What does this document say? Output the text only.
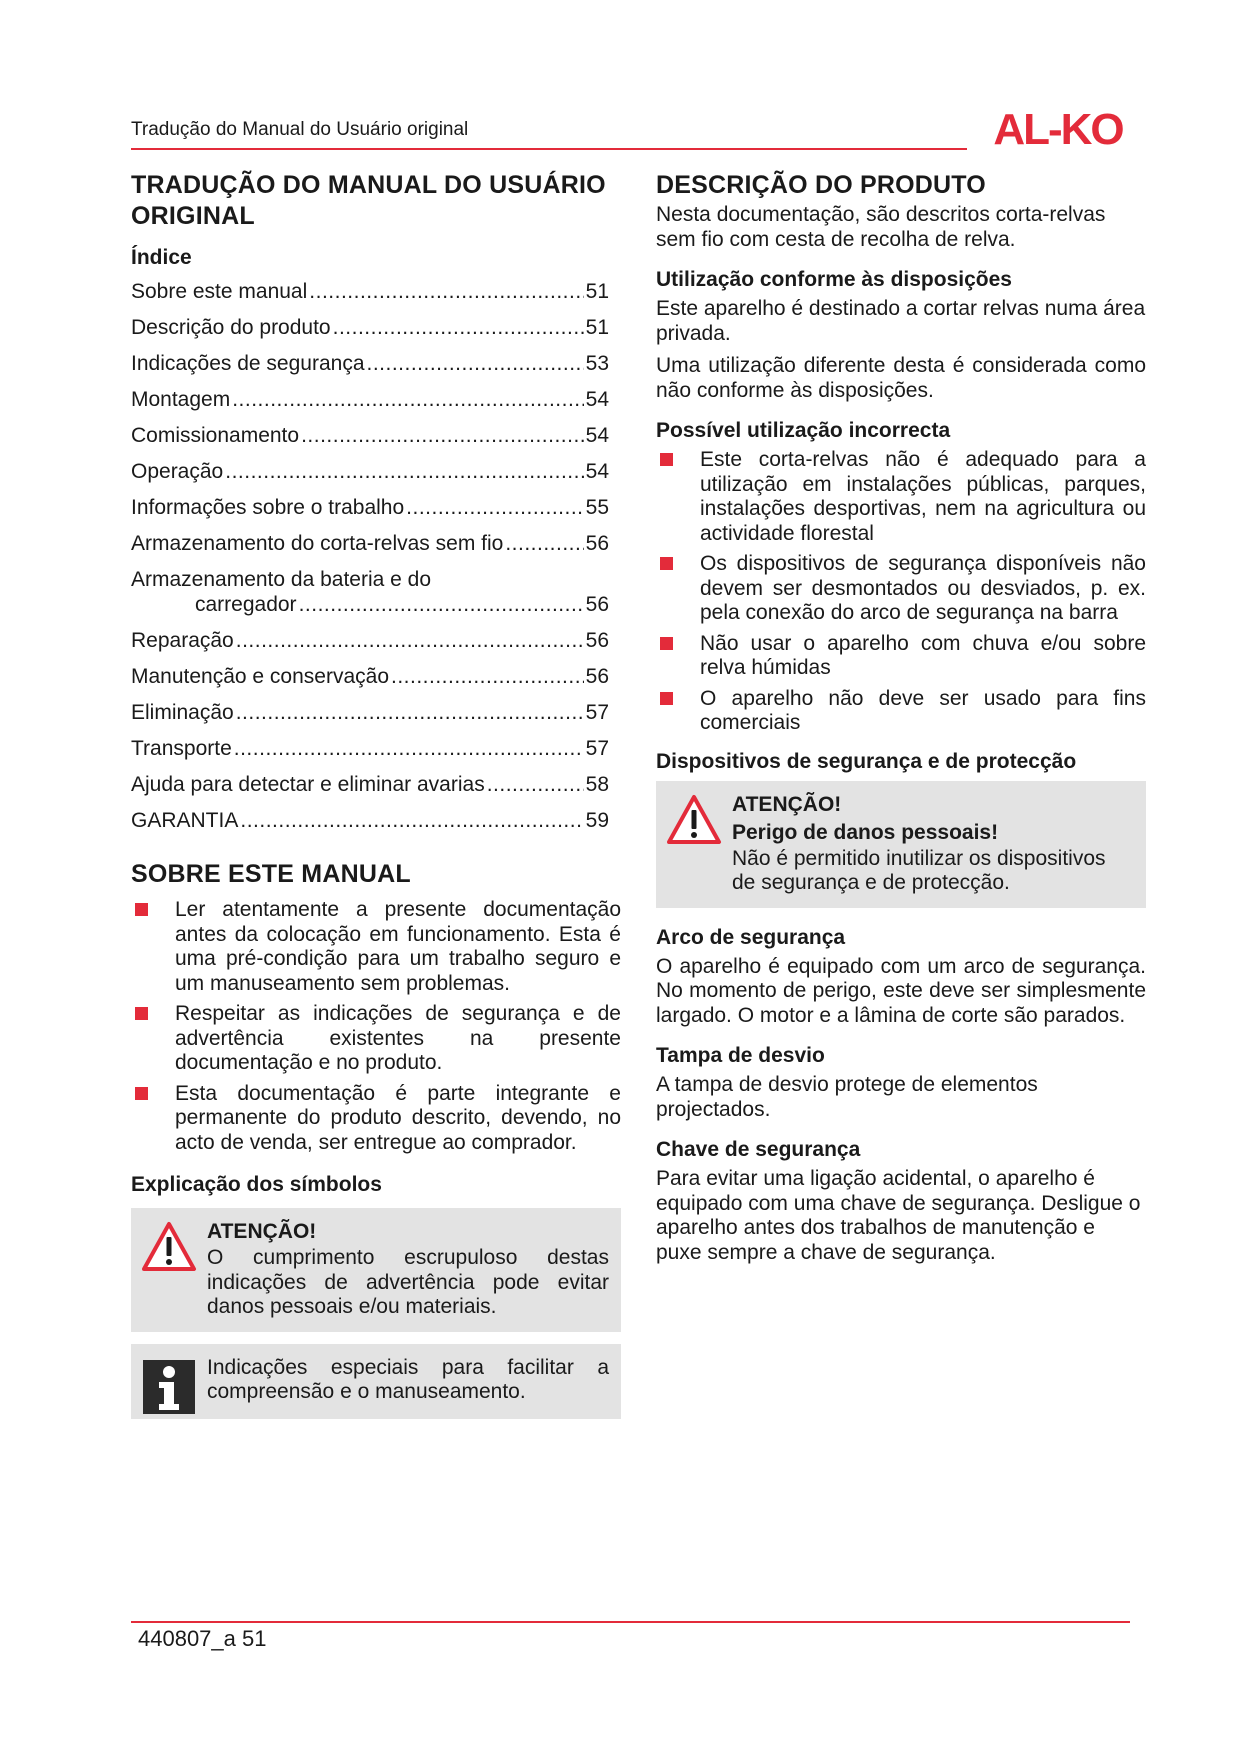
Tradução do Manual do Usuário original	AL-KO
TRADUÇÃO DO MANUAL DO USUÁRIO ORIGINAL
Índice
Sobre este manual .....	51
Descrição do produto .....	51
Indicações de segurança .....	53
Montagem .....	54
Comissionamento .....	54
Operação .....	54
Informações sobre o trabalho .....	55
Armazenamento do corta-relvas sem fio .....	56
Armazenamento da bateria e do
carregador .....	56
Reparação .....	56
Manutenção e conservação .....	56
Eliminação .....	57
Transporte .....	57
Ajuda para detectar e eliminar avarias .....	58
GARANTIA .....	59
SOBRE ESTE MANUAL
Ler atentamente a presente documentação antes da colocação em funcionamento. Esta é uma pré-condição para um trabalho seguro e um manuseamento sem problemas.
Respeitar as indicações de segurança e de advertência existentes na presente documentação e no produto.
Esta documentação é parte integrante e permanente do produto descrito, devendo, no acto de venda, ser entregue ao comprador.
Explicação dos símbolos
ATENÇÃO!
O cumprimento escrupuloso destas indicações de advertência pode evitar danos pessoais e/ou materiais.
Indicações especiais para facilitar a compreensão e o manuseamento.
DESCRIÇÃO DO PRODUTO

Nesta documentação, são descritos corta-relvas sem fio com cesta de recolha de relva.

Utilização conforme às disposições

Este aparelho é destinado a cortar relvas numa área privada.

Uma utilização diferente desta é considerada como não conforme às disposições.

Possível utilização incorrecta
Este corta-relvas não é adequado para a utilização em instalações públicas, parques, instalações desportivas, nem na agricultura ou actividade florestal
Os dispositivos de segurança disponíveis não devem ser desmontados ou desviados, p. ex. pela conexão do arco de segurança na barra
Não usar o aparelho com chuva e/ou sobre relva húmidas
O aparelho não deve ser usado para fins comerciais
Dispositivos de segurança e de protecção
ATENÇÃO!
Perigo de danos pessoais!
Não é permitido inutilizar os dispositivos de segurança e de protecção.
Arco de segurança

O aparelho é equipado com um arco de segurança. No momento de perigo, este deve ser simplesmente largado. O motor e a lâmina de corte são parados.

Tampa de desvio

A tampa de desvio protege de elementos projectados.

Chave de segurança

Para evitar uma ligação acidental, o aparelho é equipado com uma chave de segurança. Desligue o aparelho antes dos trabalhos de manutenção e puxe sempre a chave de segurança.

440807_a 51
